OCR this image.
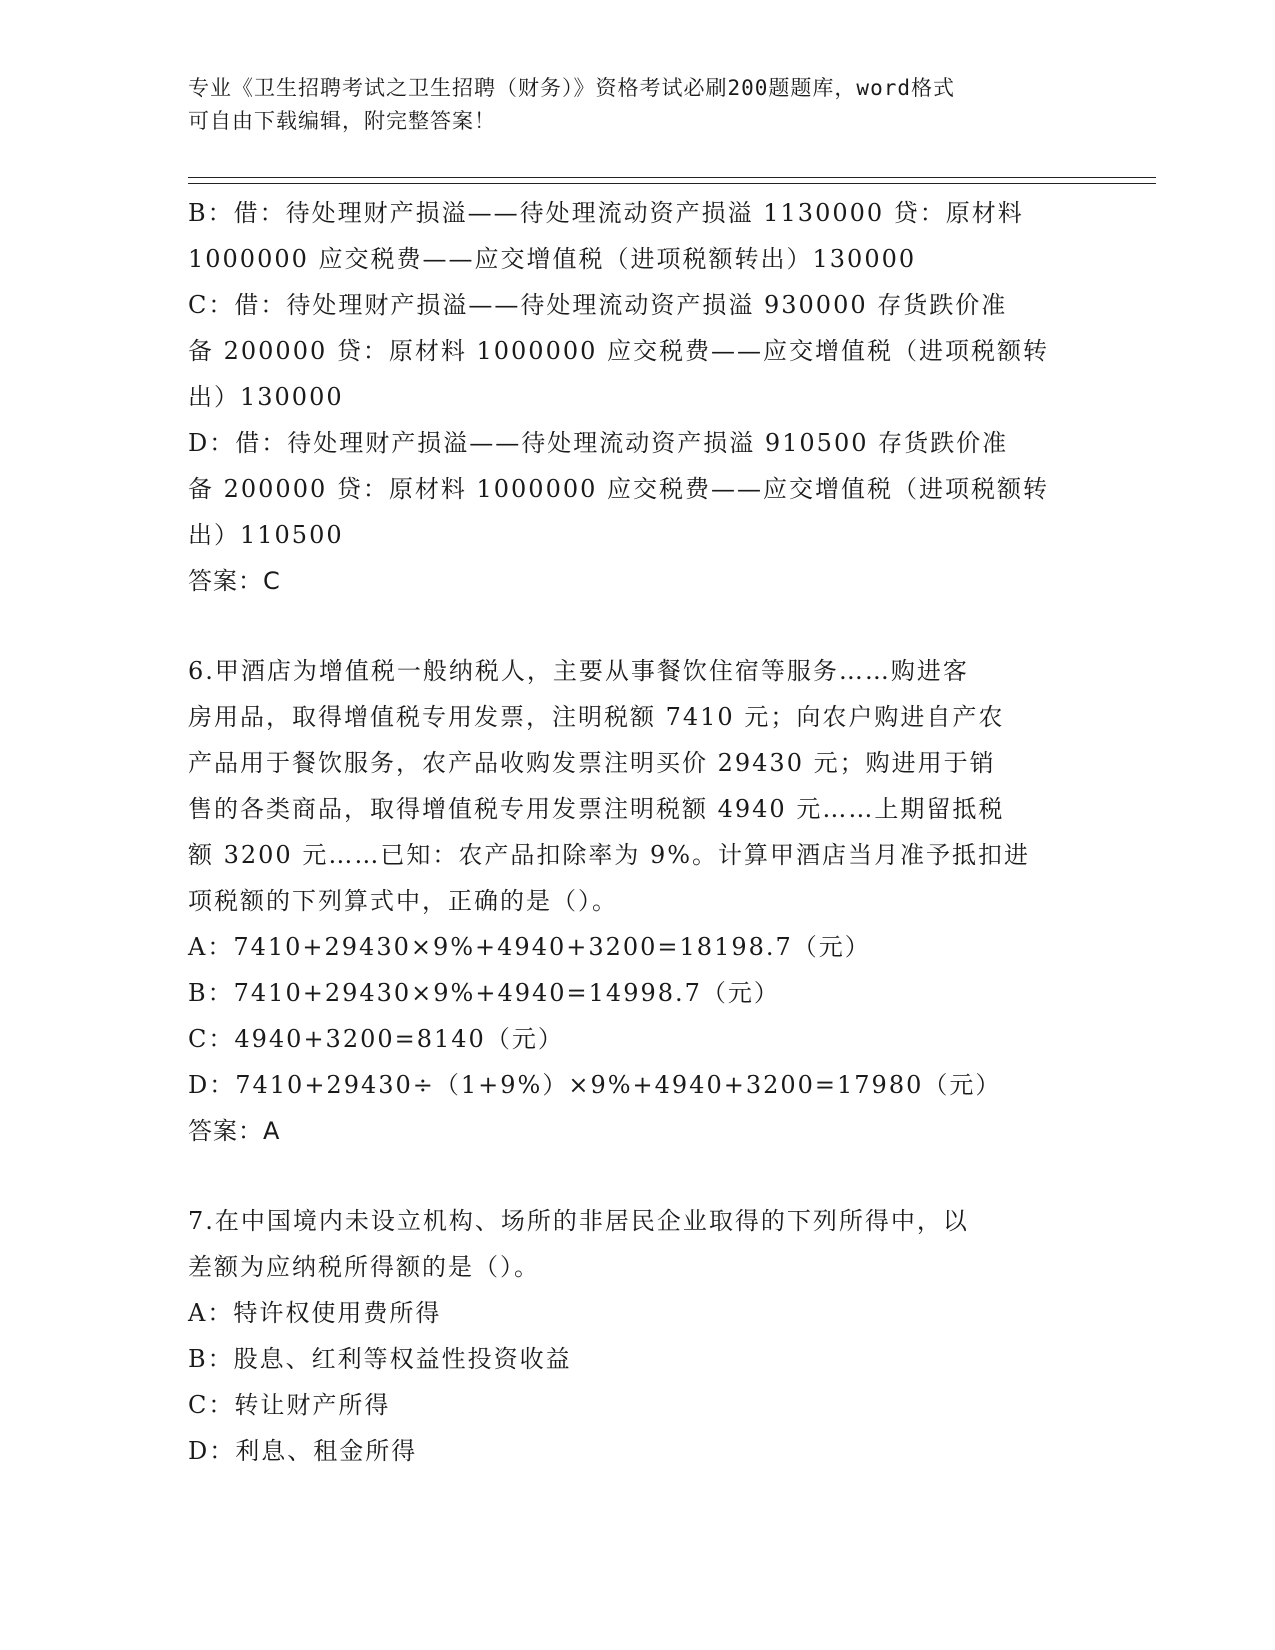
专业《卫生招聘考试之卫生招聘（财务）》资格考试必刷200题题库，word格式
可自由下载编辑，附完整答案！
B：借：待处理财产损溢——待处理流动资产损溢 1130000 贷：原材料
1000000 应交税费——应交增值税（进项税额转出）130000
C：借：待处理财产损溢——待处理流动资产损溢 930000 存货跌价准
备 200000 贷：原材料 1000000 应交税费——应交增值税（进项税额转
出）130000
D：借：待处理财产损溢——待处理流动资产损溢 910500 存货跌价准
备 200000 贷：原材料 1000000 应交税费——应交增值税（进项税额转
出）110500
答案：C
6.甲酒店为增值税一般纳税人，主要从事餐饮住宿等服务……购进客
房用品，取得增值税专用发票，注明税额 7410 元；向农户购进自产农
产品用于餐饮服务，农产品收购发票注明买价 29430 元；购进用于销
售的各类商品，取得增值税专用发票注明税额 4940 元……上期留抵税
额 3200 元……已知：农产品扣除率为 9%。计算甲酒店当月准予抵扣进
项税额的下列算式中，正确的是（）。
A：7410+29430×9%+4940+3200=18198.7（元）
B：7410+29430×9%+4940=14998.7（元）
C：4940+3200=8140（元）
D：7410+29430÷（1+9%）×9%+4940+3200=17980（元）
答案：A
7.在中国境内未设立机构、场所的非居民企业取得的下列所得中，以
差额为应纳税所得额的是（）。
A：特许权使用费所得
B：股息、红利等权益性投资收益
C：转让财产所得
D：利息、租金所得
